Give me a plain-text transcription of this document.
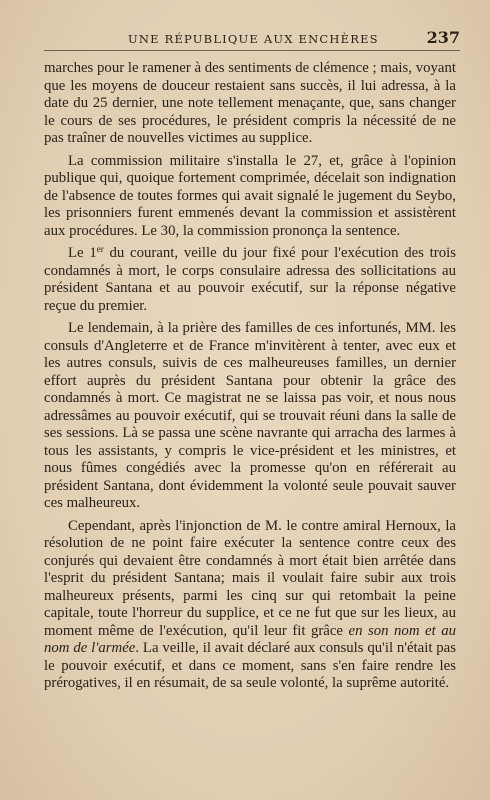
UNE RÉPUBLIQUE AUX ENCHÈRES	237

marches pour le ramener à des sentiments de clémence ; mais, voyant que les moyens de douceur restaient sans succès, il lui adressa, à la date du 25 dernier, une note tellement menaçante, que, sans changer le cours de ses procédures, le président compris la nécessité de ne pas traîner de nouvelles victimes au supplice.

La commission militaire s'installa le 27, et, grâce à l'opinion publique qui, quoique fortement comprimée, décelait son indignation de l'absence de toutes formes qui avait signalé le jugement du Seybo, les prisonniers furent emmenés devant la commission et assistèrent aux procédures. Le 30, la commission prononça la sentence.

Le 1er du courant, veille du jour fixé pour l'exécution des trois condamnés à mort, le corps consulaire adressa des sollicitations au président Santana et au pouvoir exécutif, sur la réponse négative reçue du premier.

Le lendemain, à la prière des familles de ces infortunés, MM. les consuls d'Angleterre et de France m'invitèrent à tenter, avec eux et les autres consuls, suivis de ces malheureuses familles, un dernier effort auprès du président Santana pour obtenir la grâce des condamnés à mort. Ce magistrat ne se laissa pas voir, et nous nous adressâmes au pouvoir exécutif, qui se trouvait réuni dans la salle de ses sessions. Là se passa une scène navrante qui arracha des larmes à tous les assistants, y compris le vice-président et les ministres, et nous fûmes congédiés avec la promesse qu'on en référerait au président Santana, dont évidemment la volonté seule pouvait sauver ces malheureux.

Cependant, après l'injonction de M. le contre amiral Hernoux, la résolution de ne point faire exécuter la sentence contre ceux des conjurés qui devaient être condamnés à mort était bien arrêtée dans l'esprit du président Santana; mais il voulait faire subir aux trois malheureux présents, parmi les cinq sur qui retombait la peine capitale, toute l'horreur du supplice, et ce ne fut que sur les lieux, au moment même de l'exécution, qu'il leur fit grâce en son nom et au nom de l'armée. La veille, il avait déclaré aux consuls qu'il n'était pas le pouvoir exécutif, et dans ce moment, sans s'en faire rendre les prérogatives, il en résumait, de sa seule volonté, la suprême autorité.
